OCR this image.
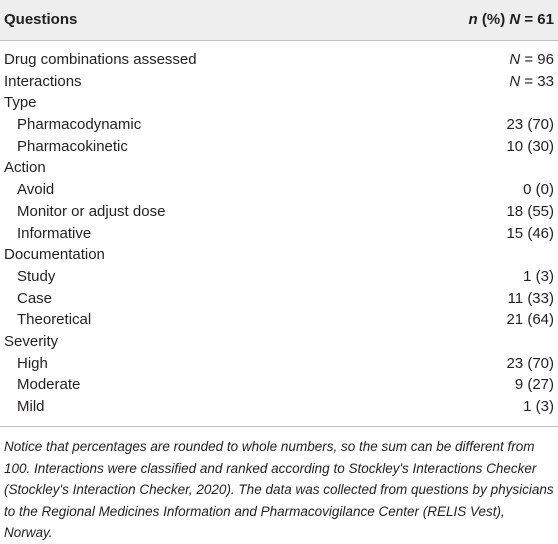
Questions	n (%) N = 61
Drug combinations assessed	N = 96
Interactions	N = 33
Type
Pharmacodynamic	23 (70)
Pharmacokinetic	10 (30)
Action
Avoid	0 (0)
Monitor or adjust dose	18 (55)
Informative	15 (46)
Documentation
Study	1 (3)
Case	11 (33)
Theoretical	21 (64)
Severity
High	23 (70)
Moderate	9 (27)
Mild	1 (3)
Notice that percentages are rounded to whole numbers, so the sum can be different from 100. Interactions were classified and ranked according to Stockley's Interactions Checker (Stockley's Interaction Checker, 2020). The data was collected from questions by physicians to the Regional Medicines Information and Pharmacovigilance Center (RELIS Vest), Norway.
